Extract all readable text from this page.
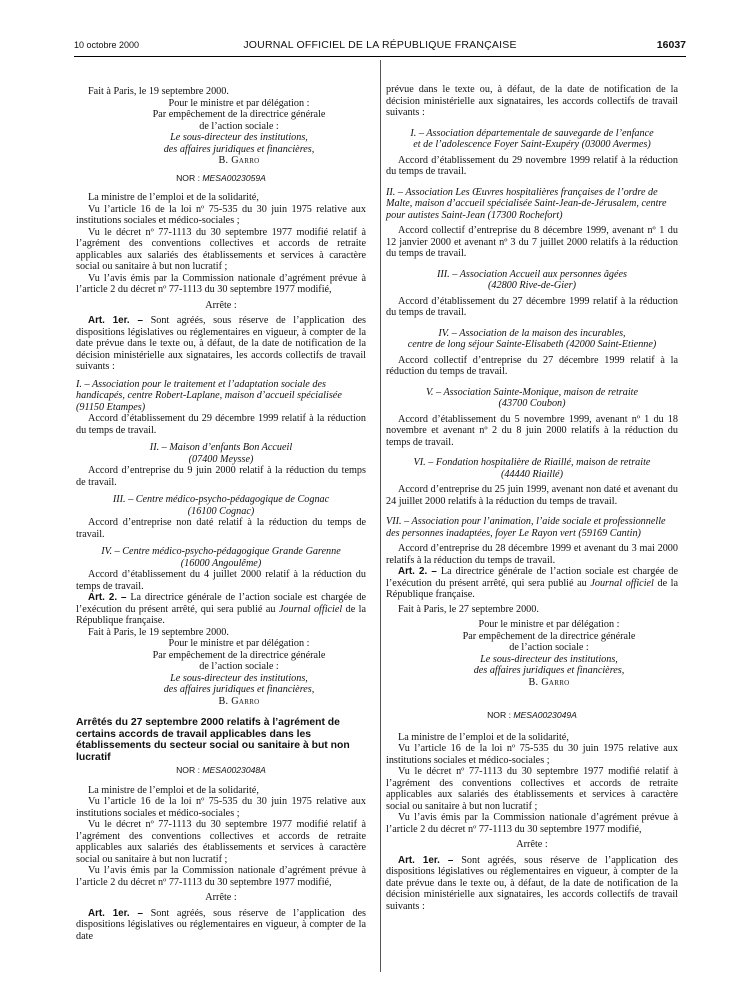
10 octobre 2000	JOURNAL OFFICIEL DE LA RÉPUBLIQUE FRANÇAISE	16037

Fait à Paris, le 19 septembre 2000.

Pour le ministre et par délégation :

Par empêchement de la directrice générale

de l’action sociale :

Le sous-directeur des institutions,

des affaires juridiques et financières,

B. Garro

NOR : MESA0023059A

La ministre de l’emploi et de la solidarité,

Vu l’article 16 de la loi nº 75-535 du 30 juin 1975 relative aux institutions sociales et médico-sociales ;

Vu le décret nº 77-1113 du 30 septembre 1977 modifié relatif à l’agrément des conventions collectives et accords de retraite applicables aux salariés des établissements et services à caractère social ou sanitaire à but non lucratif ;

Vu l’avis émis par la Commission nationale d’agrément prévue à l’article 2 du décret nº 77-1113 du 30 septembre 1977 modifié,

Arrête :

Art. 1er. – Sont agréés, sous réserve de l’application des dispositions législatives ou réglementaires en vigueur, à compter de la date prévue dans le texte ou, à défaut, de la date de notification de la décision ministérielle aux signataires, les accords collectifs de travail suivants :

I. – Association pour le traitement et l’adaptation sociale des handicapés, centre Robert-Laplane, maison d’accueil spécialisée (91150 Etampes)

Accord d’établissement du 29 décembre 1999 relatif à la réduction du temps de travail.

II. – Maison d’enfants Bon Accueil

(07400 Meysse)

Accord d’entreprise du 9 juin 2000 relatif à la réduction du temps de travail.

III. – Centre médico-psycho-pédagogique de Cognac

(16100 Cognac)

Accord d’entreprise non daté relatif à la réduction du temps de travail.

IV. – Centre médico-psycho-pédagogique Grande Garenne

(16000 Angoulême)

Accord d’établissement du 4 juillet 2000 relatif à la réduction du temps de travail.

Art. 2. – La directrice générale de l’action sociale est chargée de l’exécution du présent arrêté, qui sera publié au Journal officiel de la République française.

Fait à Paris, le 19 septembre 2000.

Pour le ministre et par délégation :

Par empêchement de la directrice générale

de l’action sociale :

Le sous-directeur des institutions,

des affaires juridiques et financières,

B. Garro

Arrêtés du 27 septembre 2000 relatifs à l’agrément de certains accords de travail applicables dans les établissements du secteur social ou sanitaire à but non lucratif

NOR : MESA0023048A

La ministre de l’emploi et de la solidarité,

Vu l’article 16 de la loi nº 75-535 du 30 juin 1975 relative aux institutions sociales et médico-sociales ;

Vu le décret nº 77-1113 du 30 septembre 1977 modifié relatif à l’agrément des conventions collectives et accords de retraite applicables aux salariés des établissements et services à caractère social ou sanitaire à but non lucratif ;

Vu l’avis émis par la Commission nationale d’agrément prévue à l’article 2 du décret nº 77-1113 du 30 septembre 1977 modifié,

Arrête :

Art. 1er. – Sont agréés, sous réserve de l’application des dispositions législatives ou réglementaires en vigueur, à compter de la date

prévue dans le texte ou, à défaut, de la date de notification de la décision ministérielle aux signataires, les accords collectifs de travail suivants :

I. – Association départementale de sauvegarde de l’enfance

et de l’adolescence Foyer Saint-Exupéry (03000 Avermes)

Accord d’établissement du 29 novembre 1999 relatif à la réduction du temps de travail.

II. – Association Les Œuvres hospitalières françaises de l’ordre de Malte, maison d’accueil spécialisée Saint-Jean-de-Jérusalem, centre pour autistes Saint-Jean (17300 Rochefort)

Accord collectif d’entreprise du 8 décembre 1999, avenant nº 1 du 12 janvier 2000 et avenant nº 3 du 7 juillet 2000 relatifs à la réduction du temps de travail.

III. – Association Accueil aux personnes âgées

(42800 Rive-de-Gier)

Accord d’établissement du 27 décembre 1999 relatif à la réduction du temps de travail.

IV. – Association de la maison des incurables,

centre de long séjour Sainte-Elisabeth (42000 Saint-Etienne)

Accord collectif d’entreprise du 27 décembre 1999 relatif à la réduction du temps de travail.

V. – Association Sainte-Monique, maison de retraite

(43700 Coubon)

Accord d’établissement du 5 novembre 1999, avenant nº 1 du 18 novembre et avenant nº 2 du 8 juin 2000 relatifs à la réduction du temps de travail.

VI. – Fondation hospitalière de Riaillé, maison de retraite

(44440 Riaillé)

Accord d’entreprise du 25 juin 1999, avenant non daté et avenant du 24 juillet 2000 relatifs à la réduction du temps de travail.

VII. – Association pour l’animation, l’aide sociale et professionnelle des personnes inadaptées, foyer Le Rayon vert (59169 Cantin)

Accord d’entreprise du 28 décembre 1999 et avenant du 3 mai 2000 relatifs à la réduction du temps de travail.

Art. 2. – La directrice générale de l’action sociale est chargée de l’exécution du présent arrêté, qui sera publié au Journal officiel de la République française.

Fait à Paris, le 27 septembre 2000.

Pour le ministre et par délégation :

Par empêchement de la directrice générale

de l’action sociale :

Le sous-directeur des institutions,

des affaires juridiques et financières,

B. Garro

NOR : MESA0023049A

La ministre de l’emploi et de la solidarité,

Vu l’article 16 de la loi nº 75-535 du 30 juin 1975 relative aux institutions sociales et médico-sociales ;

Vu le décret nº 77-1113 du 30 septembre 1977 modifié relatif à l’agrément des conventions collectives et accords de retraite applicables aux salariés des établissements et services à caractère social ou sanitaire à but non lucratif ;

Vu l’avis émis par la Commission nationale d’agrément prévue à l’article 2 du décret nº 77-1113 du 30 septembre 1977 modifié,

Arrête :

Art. 1er. – Sont agréés, sous réserve de l’application des dispositions législatives ou réglementaires en vigueur, à compter de la date prévue dans le texte ou, à défaut, de la date de notification de la décision ministérielle aux signataires, les accords collectifs de travail suivants :
